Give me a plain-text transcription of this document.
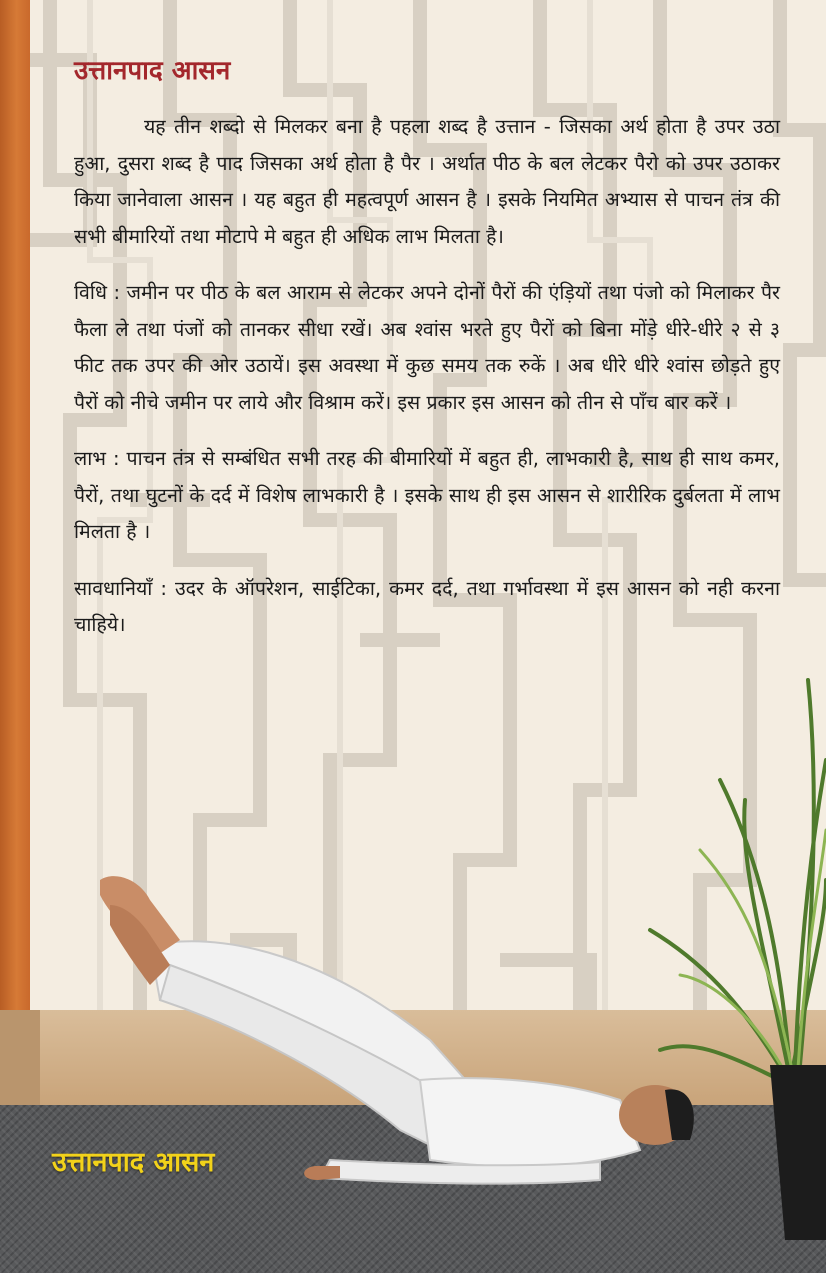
उत्तानपाद आसन

यह तीन शब्दो से मिलकर बना है पहला शब्द है उत्तान - जिसका अर्थ होता है उपर उठा हुआ, दुसरा शब्द है पाद जिसका अर्थ होता है पैर । अर्थात पीठ के बल लेटकर पैरो को उपर उठाकर किया जानेवाला आसन । यह बहुत ही महत्वपूर्ण आसन है । इसके नियमित अभ्यास से पाचन तंत्र की सभी बीमारियों तथा मोटापे मे बहुत ही अधिक लाभ मिलता है।

विधि : जमीन पर पीठ के बल आराम से लेटकर अपने दोनों पैरों की एंड़ियों तथा पंजो को मिलाकर पैर फैला ले तथा पंजों को तानकर सीधा रखें। अब श्वांस भरते हुए पैरों को बिना मोंड़े धीरे-धीरे २ से ३ फीट तक उपर की ओर उठायें। इस अवस्था में कुछ समय तक रुकें । अब धीरे धीरे श्वांस छोड़ते हुए पैरों को नीचे जमीन पर लाये और विश्राम करें। इस प्रकार इस आसन को तीन से पाँच बार करें ।

लाभ : पाचन तंत्र से सम्बंधित सभी तरह की बीमारियों में बहुत ही, लाभकारी है, साथ ही साथ कमर, पैरों, तथा घुटनों के दर्द में विशेष लाभकारी है । इसके साथ ही इस आसन से शारीरिक दुर्बलता में लाभ मिलता है ।

सावधानियाँ : उदर के ऑपरेशन, साईटिका, कमर दर्द, तथा गर्भावस्था में इस आसन को नही करना चाहिये।

उत्तानपाद आसन
